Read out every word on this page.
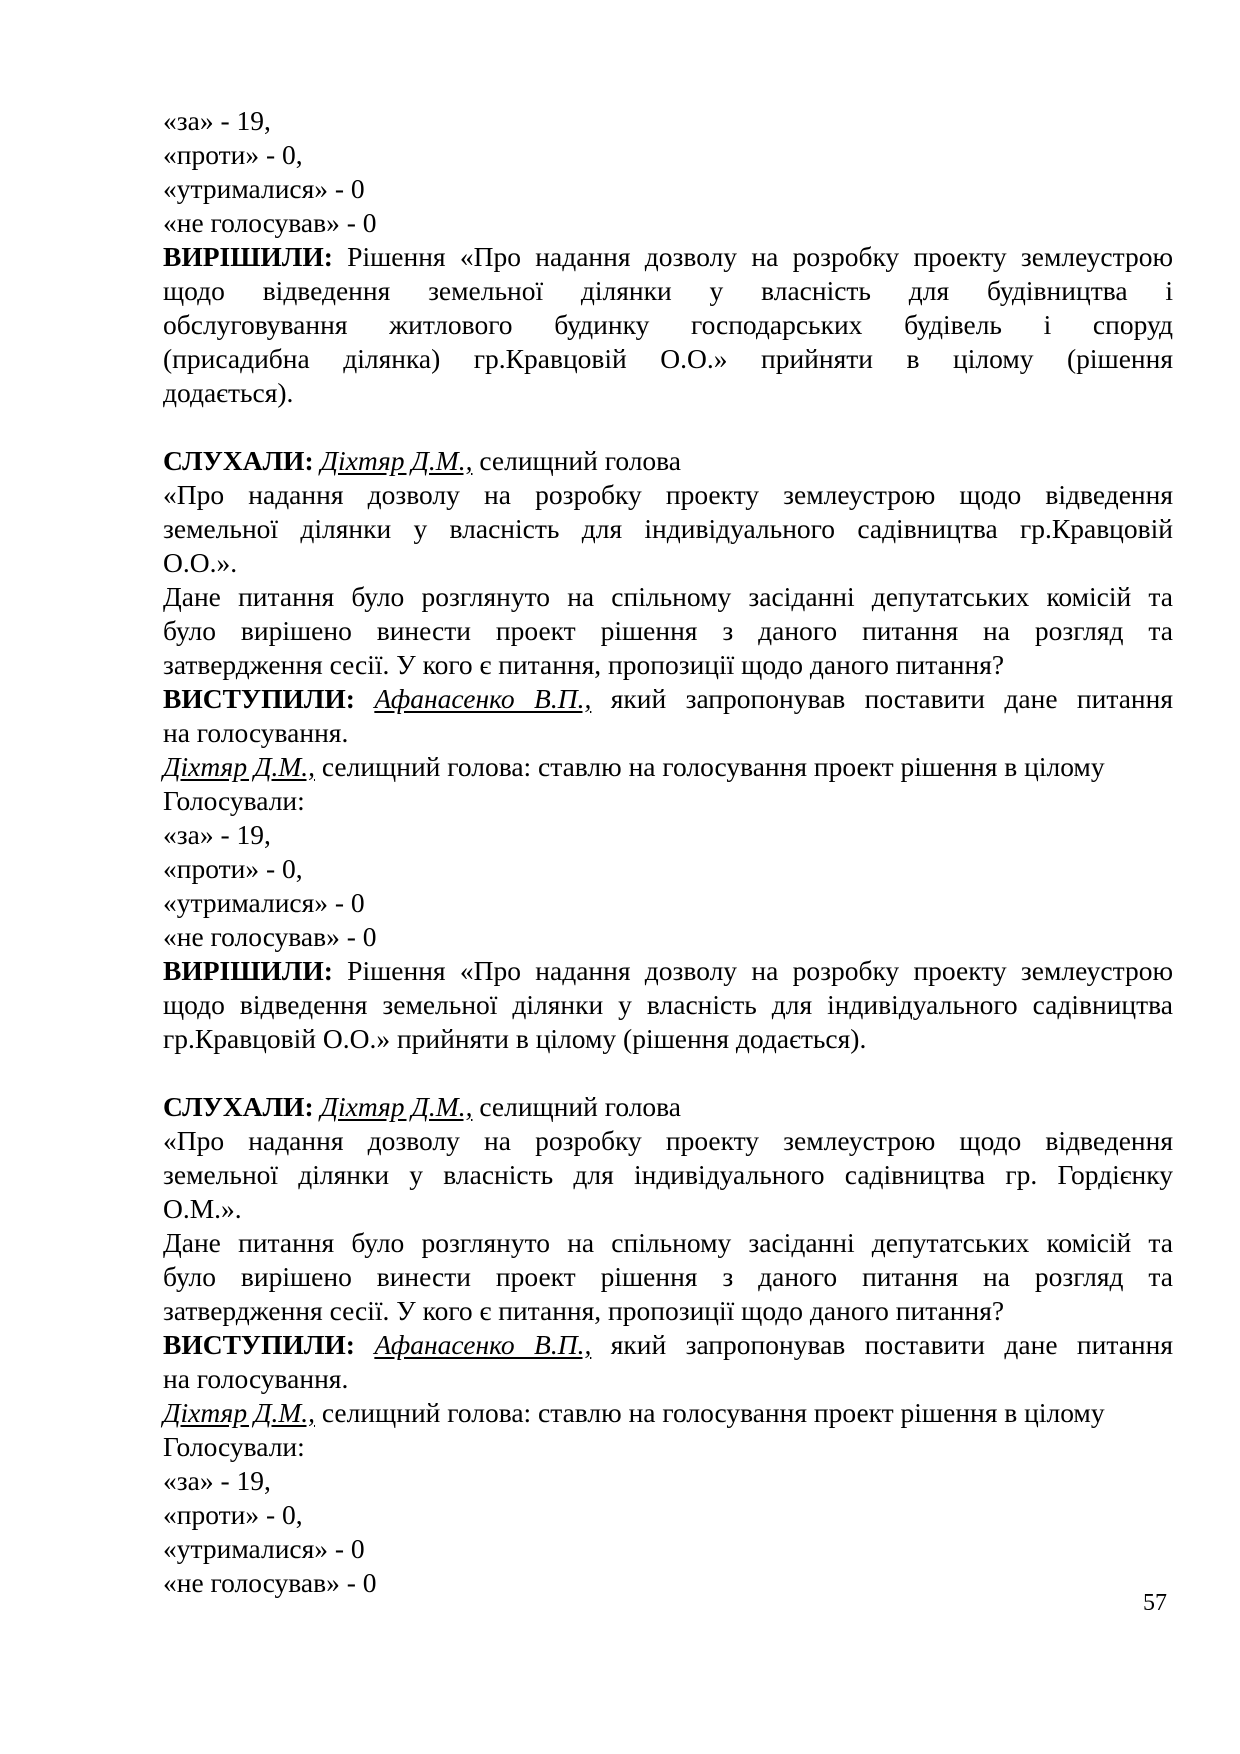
«за» - 19,
«проти» - 0,
«утрималися» - 0
«не голосував» - 0
ВИРІШИЛИ: Рішення «Про надання дозволу на розробку проекту землеустрою
щодо відведення земельної ділянки у власність для будівництва і
обслуговування житлового будинку господарських будівель і споруд
(присадибна ділянка) гр.Кравцовій О.О.» прийняти в цілому (рішення
додається).
СЛУХАЛИ: Діхтяр Д.М., селищний голова
«Про надання дозволу на розробку проекту землеустрою щодо відведення
земельної ділянки у власність для індивідуального садівництва гр.Кравцовій
О.О.».
Дане питання було розглянуто на спільному засіданні депутатських комісій та
було вирішено винести проект рішення з даного питання на розгляд та
затвердження сесії. У кого є питання, пропозиції щодо даного питання?
ВИСТУПИЛИ: Афанасенко В.П., який запропонував поставити дане питання
на голосування.
Діхтяр Д.М., селищний голова: ставлю на голосування проект рішення в цілому
Голосували:
«за» - 19,
«проти» - 0,
«утрималися» - 0
«не голосував» - 0
ВИРІШИЛИ: Рішення «Про надання дозволу на розробку проекту землеустрою
щодо відведення земельної ділянки у власність для індивідуального садівництва
гр.Кравцовій О.О.» прийняти в цілому (рішення додається).
СЛУХАЛИ: Діхтяр Д.М., селищний голова
«Про надання дозволу на розробку проекту землеустрою щодо відведення
земельної ділянки у власність для індивідуального садівництва гр. Гордієнку
О.М.».
Дане питання було розглянуто на спільному засіданні депутатських комісій та
було вирішено винести проект рішення з даного питання на розгляд та
затвердження сесії. У кого є питання, пропозиції щодо даного питання?
ВИСТУПИЛИ: Афанасенко В.П., який запропонував поставити дане питання
на голосування.
Діхтяр Д.М., селищний голова: ставлю на голосування проект рішення в цілому
Голосували:
«за» - 19,
«проти» - 0,
«утрималися» - 0
«не голосував» - 0
57
